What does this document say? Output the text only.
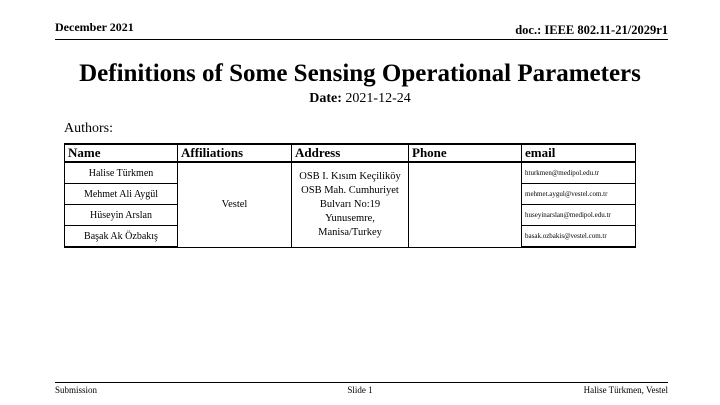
December 2021	doc.: IEEE 802.11-21/2029r1
Definitions of Some Sensing Operational Parameters
Date: 2021-12-24
Authors:
Name	Affiliations	Address	Phone	email
Halise Türkmen	Vestel	OSB I. Kısım Keçiliköy OSB Mah. Cumhuriyet Bulvarı No:19 Yunusemre, Manisa/Turkey		hturkmen@medipol.edu.tr
Mehmet Ali Aygül				mehmet.aygul@vestel.com.tr
Hüseyin Arslan				huseyinarslan@medipol.edu.tr
Başak Ak Özbakış				basak.ozbakis@vestel.com.tr
Submission	Slide 1	Halise Türkmen, Vestel
